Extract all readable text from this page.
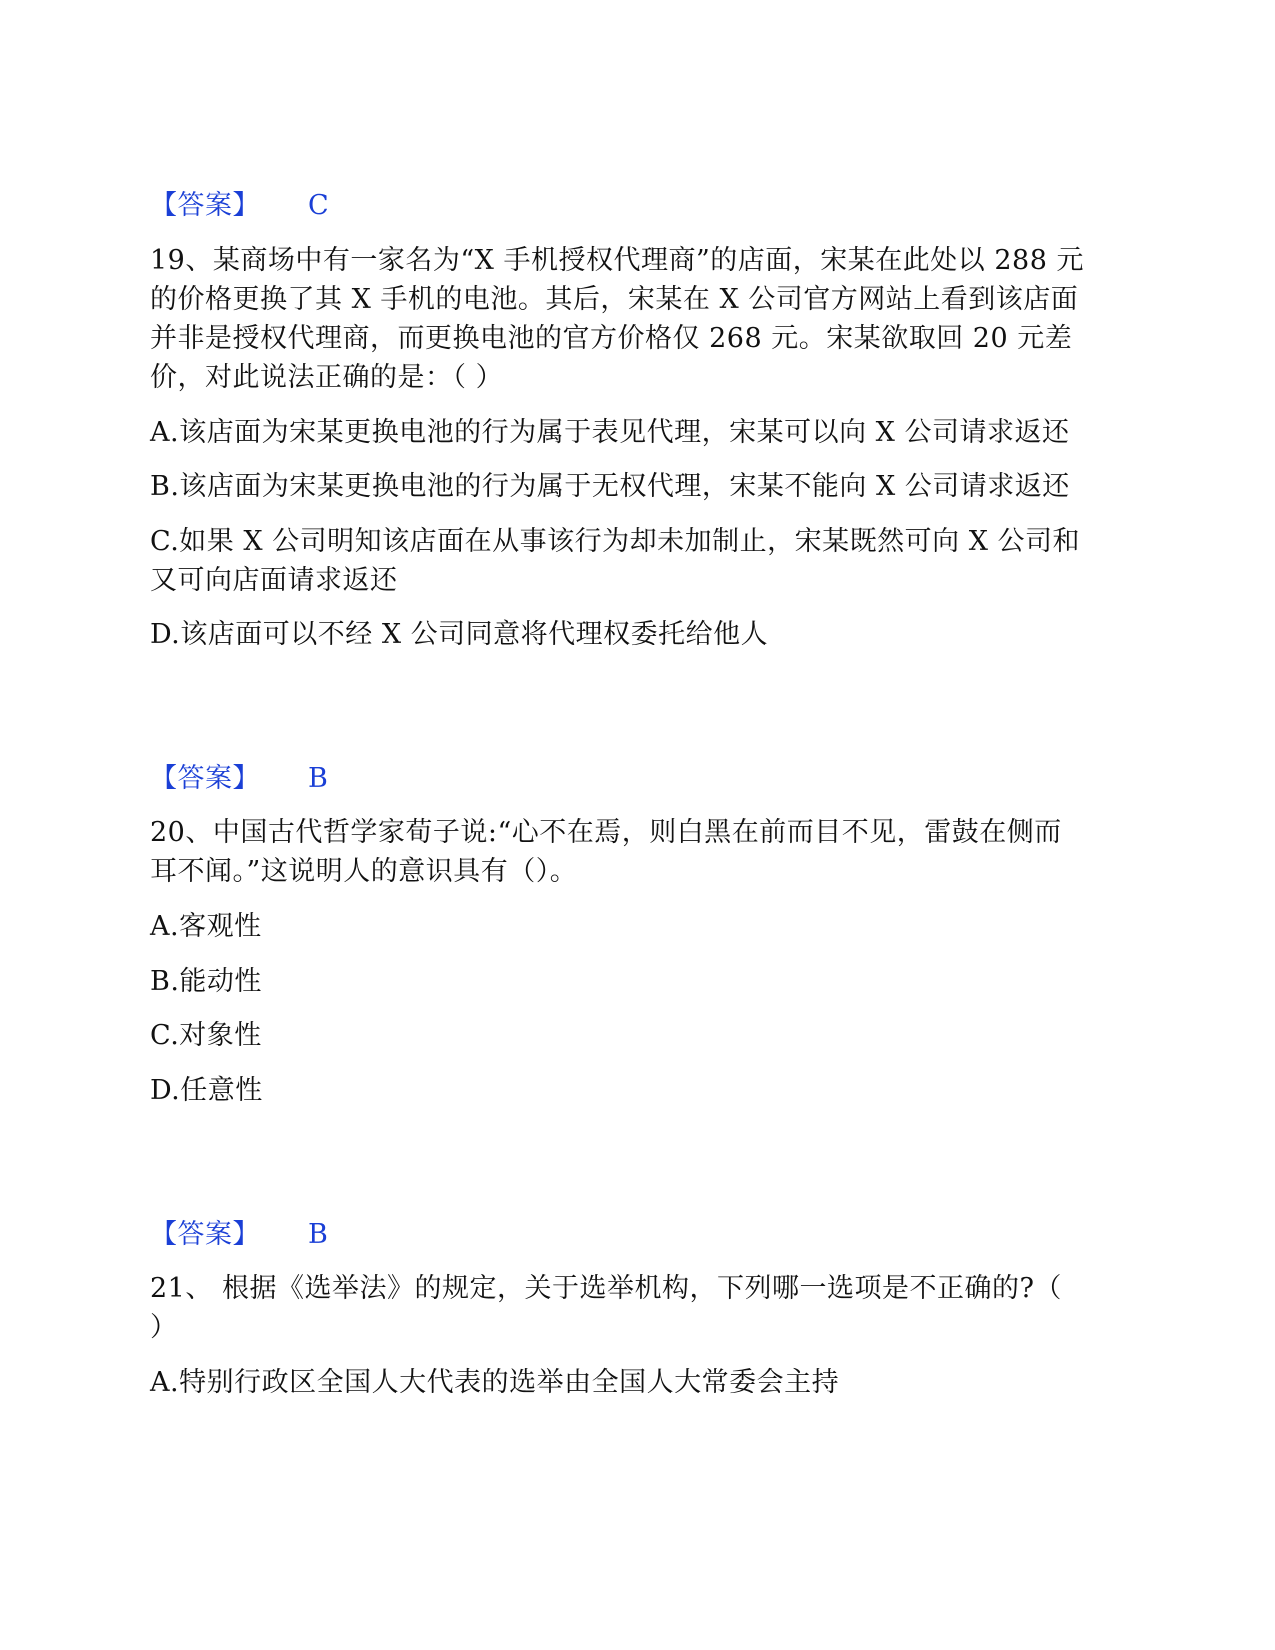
【答案】 C
19、某商场中有一家名为“X 手机授权代理商”的店面，宋某在此处以 288 元
的价格更换了其 X 手机的电池。其后，宋某在 X 公司官方网站上看到该店面
并非是授权代理商，而更换电池的官方价格仅 268 元。宋某欲取回 20 元差
价，对此说法正确的是：（ ）
A.该店面为宋某更换电池的行为属于表见代理，宋某可以向 X 公司请求返还
B.该店面为宋某更换电池的行为属于无权代理，宋某不能向 X 公司请求返还
C.如果 X 公司明知该店面在从事该行为却未加制止，宋某既然可向 X 公司和
又可向店面请求返还
D.该店面可以不经 X 公司同意将代理权委托给他人
【答案】 B
20、中国古代哲学家荀子说:“心不在焉，则白黑在前而目不见，雷鼓在侧而
耳不闻。”这说明人的意识具有（）。
A.客观性
B.能动性
C.对象性
D.任意性
【答案】 B
21、 根据《选举法》的规定，关于选举机构，下列哪一选项是不正确的?（
）
A.特别行政区全国人大代表的选举由全国人大常委会主持
